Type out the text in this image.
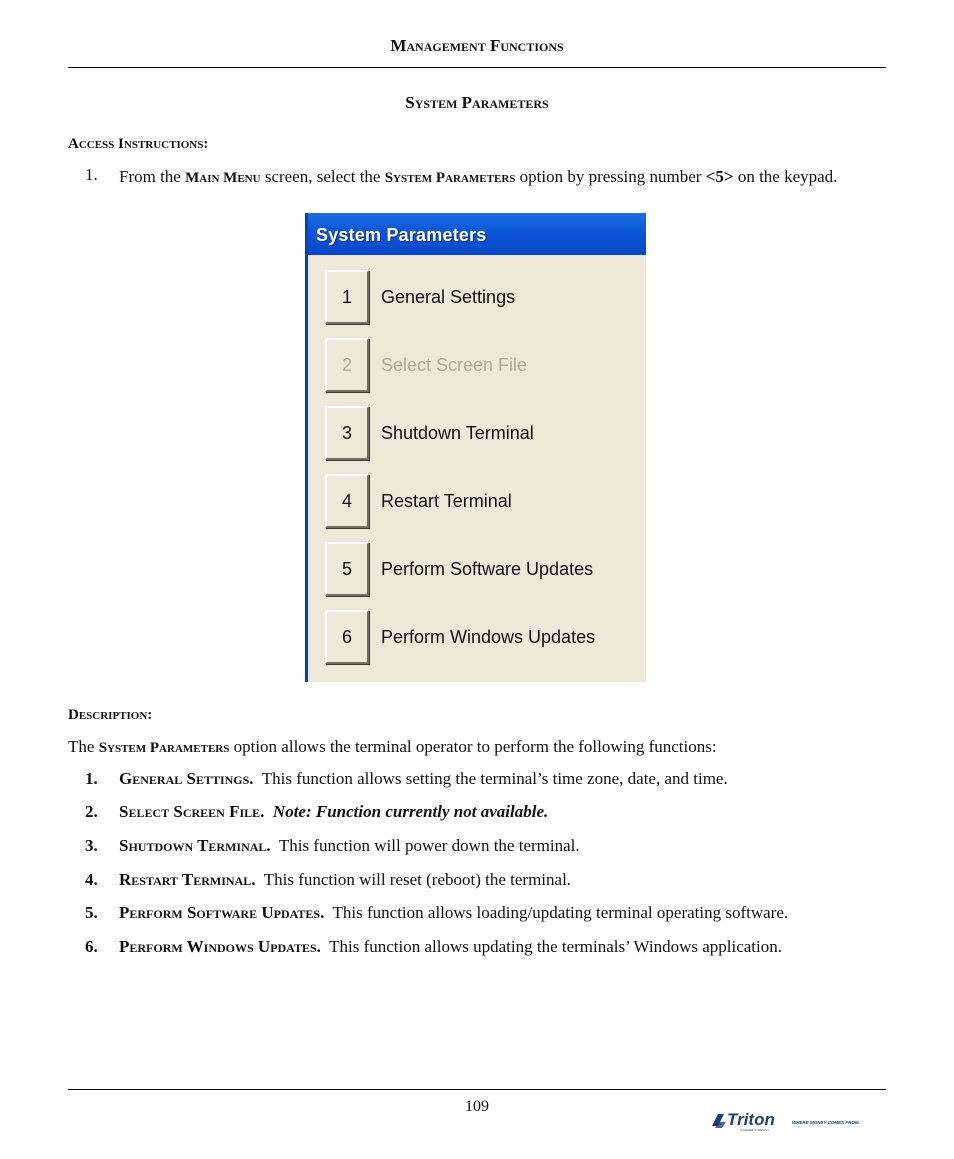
Management Functions
System Parameters
Access Instructions:
1. From the Main Menu screen, select the System Parameters option by pressing number <5> on the keypad.
System Parameters
1	General Settings
2	Select Screen File
3	Shutdown Terminal
4	Restart Terminal
5	Perform Software Updates
6	Perform Windows Updates
Description:
The System Parameters option allows the terminal operator to perform the following functions:
1. General Settings. This function allows setting the terminal’s time zone, date, and time.
2. Select Screen File. Note: Function currently not available.
3. Shutdown Terminal. This function will power down the terminal.
4. Restart Terminal. This function will reset (reboot) the terminal.
5. Perform Software Updates. This function allows loading/updating terminal operating software.
6. Perform Windows Updates. This function allows updating the terminals’ Windows application.
109
Triton	WHERE MONEY COMES FROM.
A DOVER COMPANY
